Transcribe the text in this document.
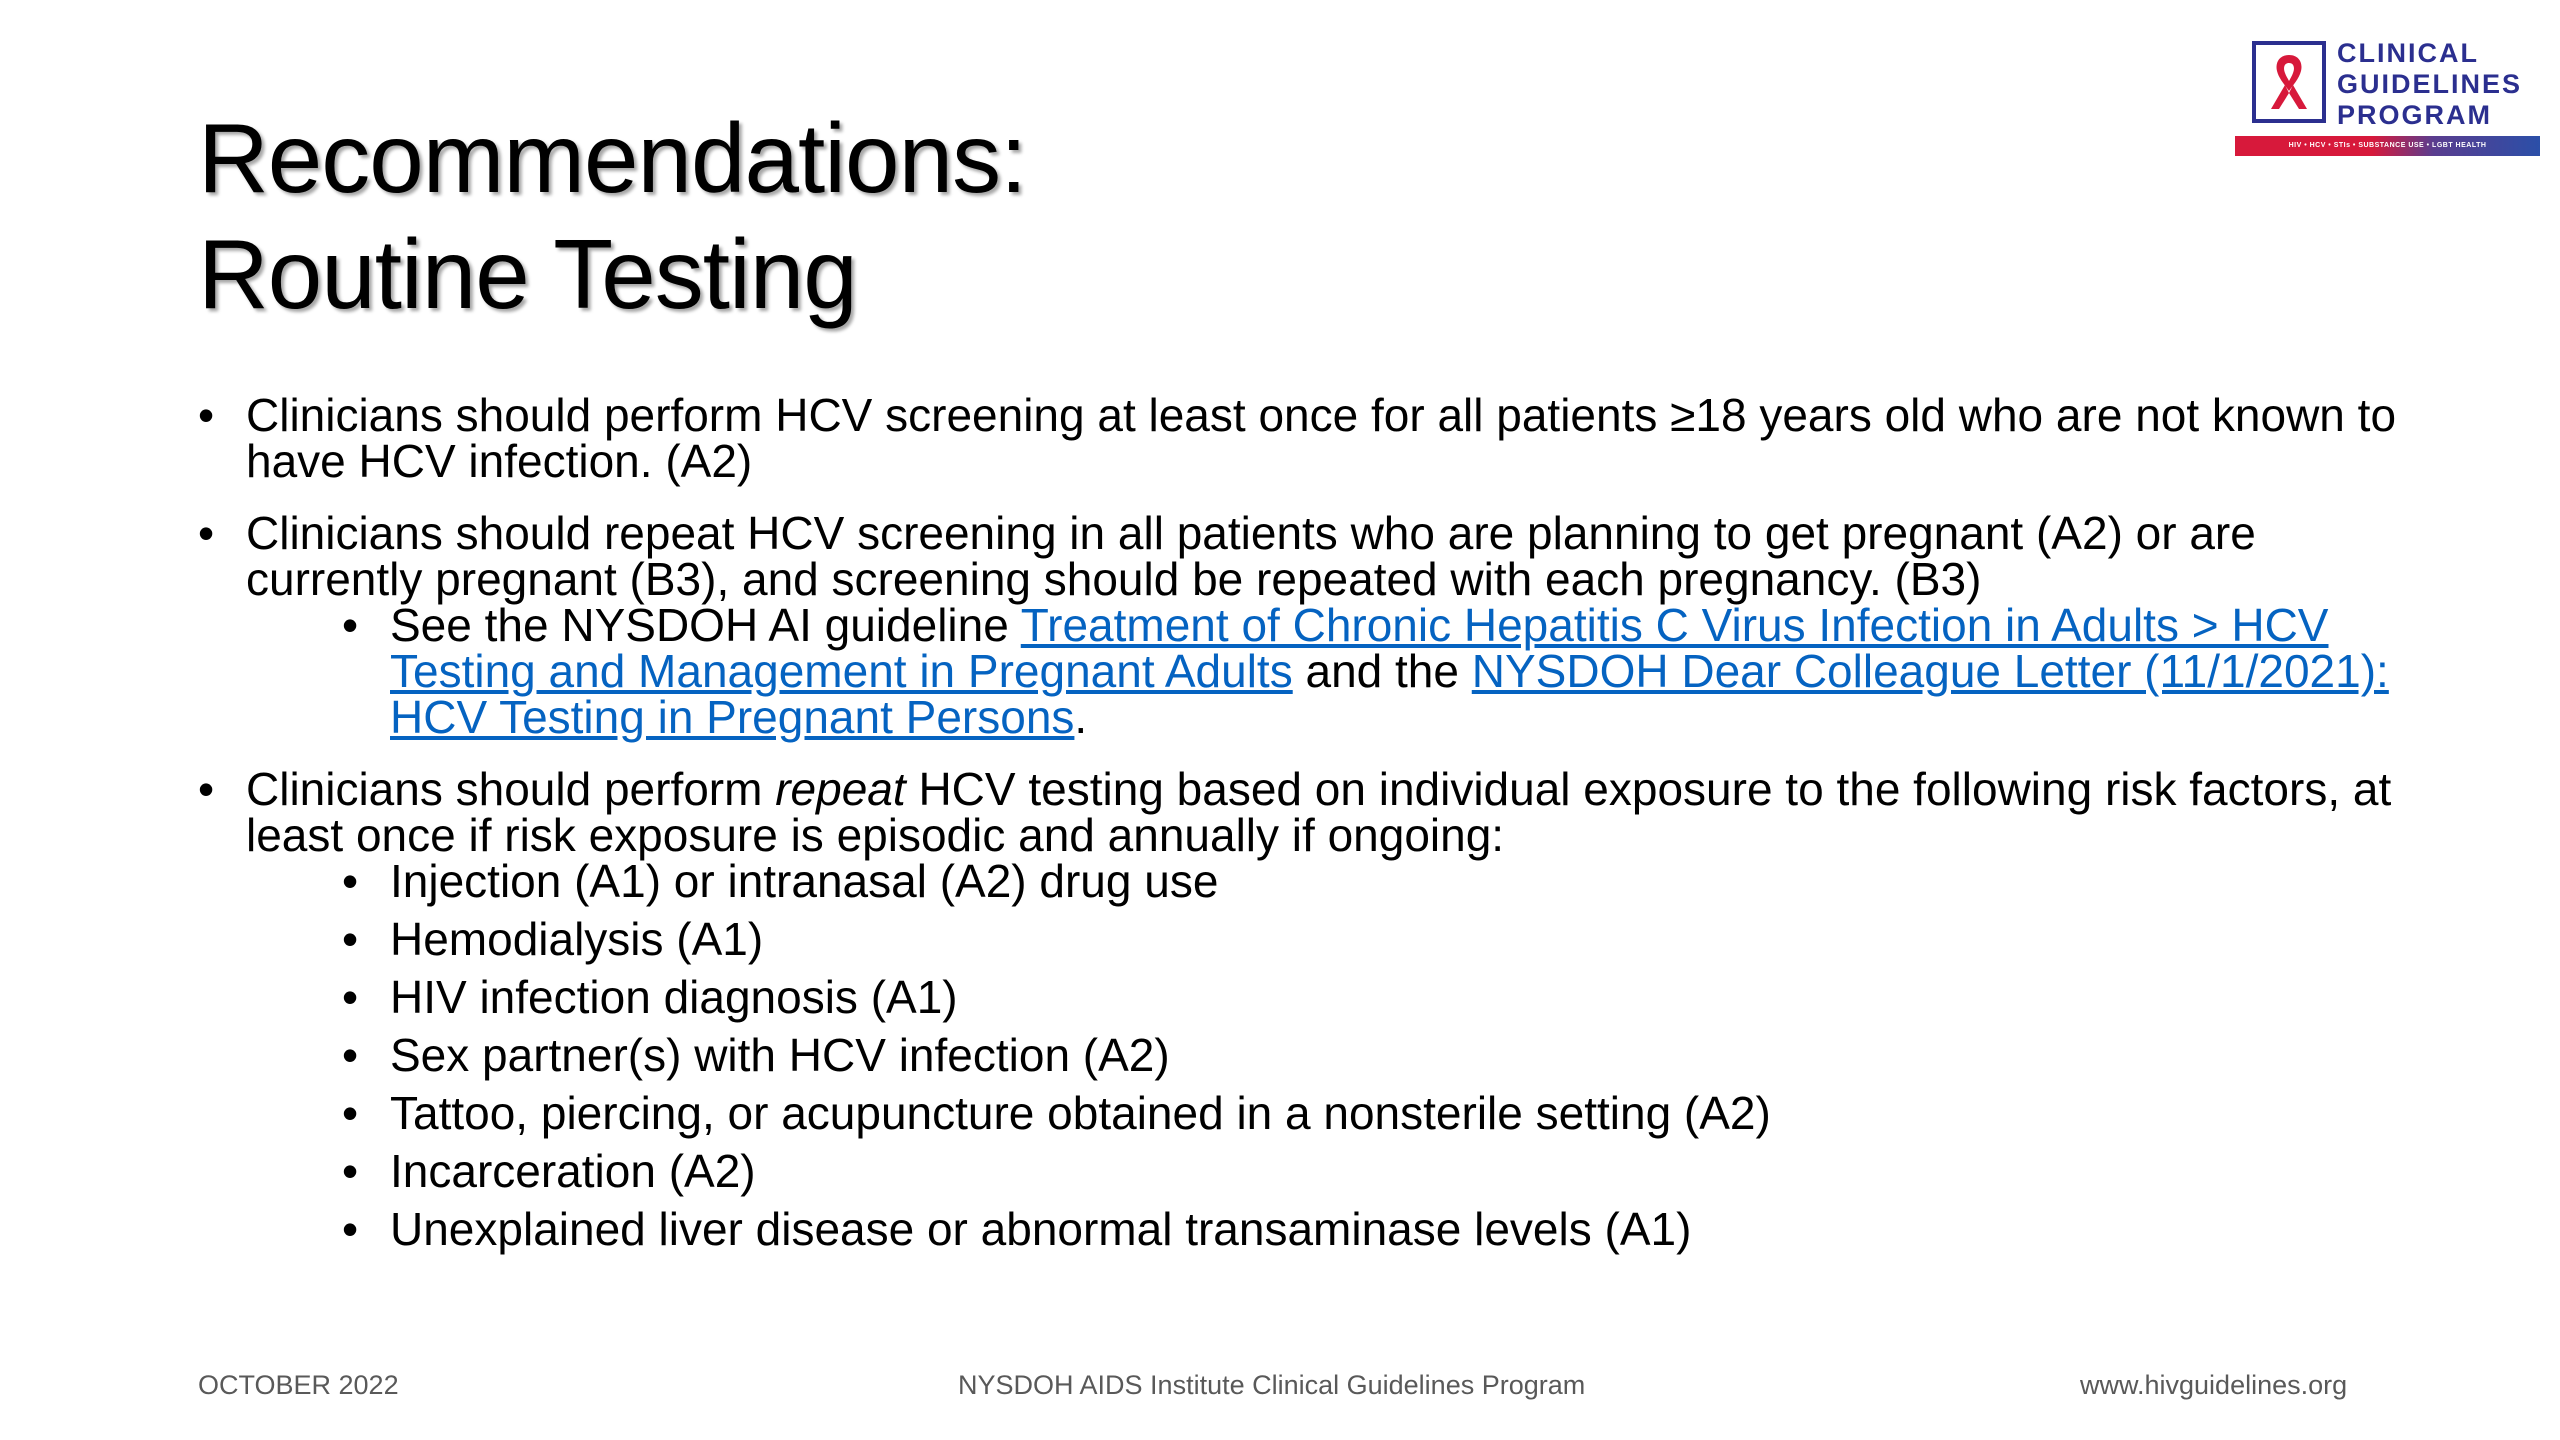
Recommendations:
Routine Testing
CLINICAL
GUIDELINES
PROGRAM
HIV • HCV • STIs • SUBSTANCE USE • LGBT HEALTH
• Clinicians should perform HCV screening at least once for all patients ≥18 years old who are not known to have HCV infection. (A2)
• Clinicians should repeat HCV screening in all patients who are planning to get pregnant (A2) or are currently pregnant (B3), and screening should be repeated with each pregnancy. (B3)
• See the NYSDOH AI guideline Treatment of Chronic Hepatitis C Virus Infection in Adults > HCV Testing and Management in Pregnant Adults and the NYSDOH Dear Colleague Letter (11/1/2021): HCV Testing in Pregnant Persons.
• Clinicians should perform repeat HCV testing based on individual exposure to the following risk factors, at least once if risk exposure is episodic and annually if ongoing:
• Injection (A1) or intranasal (A2) drug use
• Hemodialysis (A1)
• HIV infection diagnosis (A1)
• Sex partner(s) with HCV infection (A2)
• Tattoo, piercing, or acupuncture obtained in a nonsterile setting (A2)
• Incarceration (A2)
• Unexplained liver disease or abnormal transaminase levels (A1)
OCTOBER 2022	NYSDOH AIDS Institute Clinical Guidelines Program	www.hivguidelines.org
